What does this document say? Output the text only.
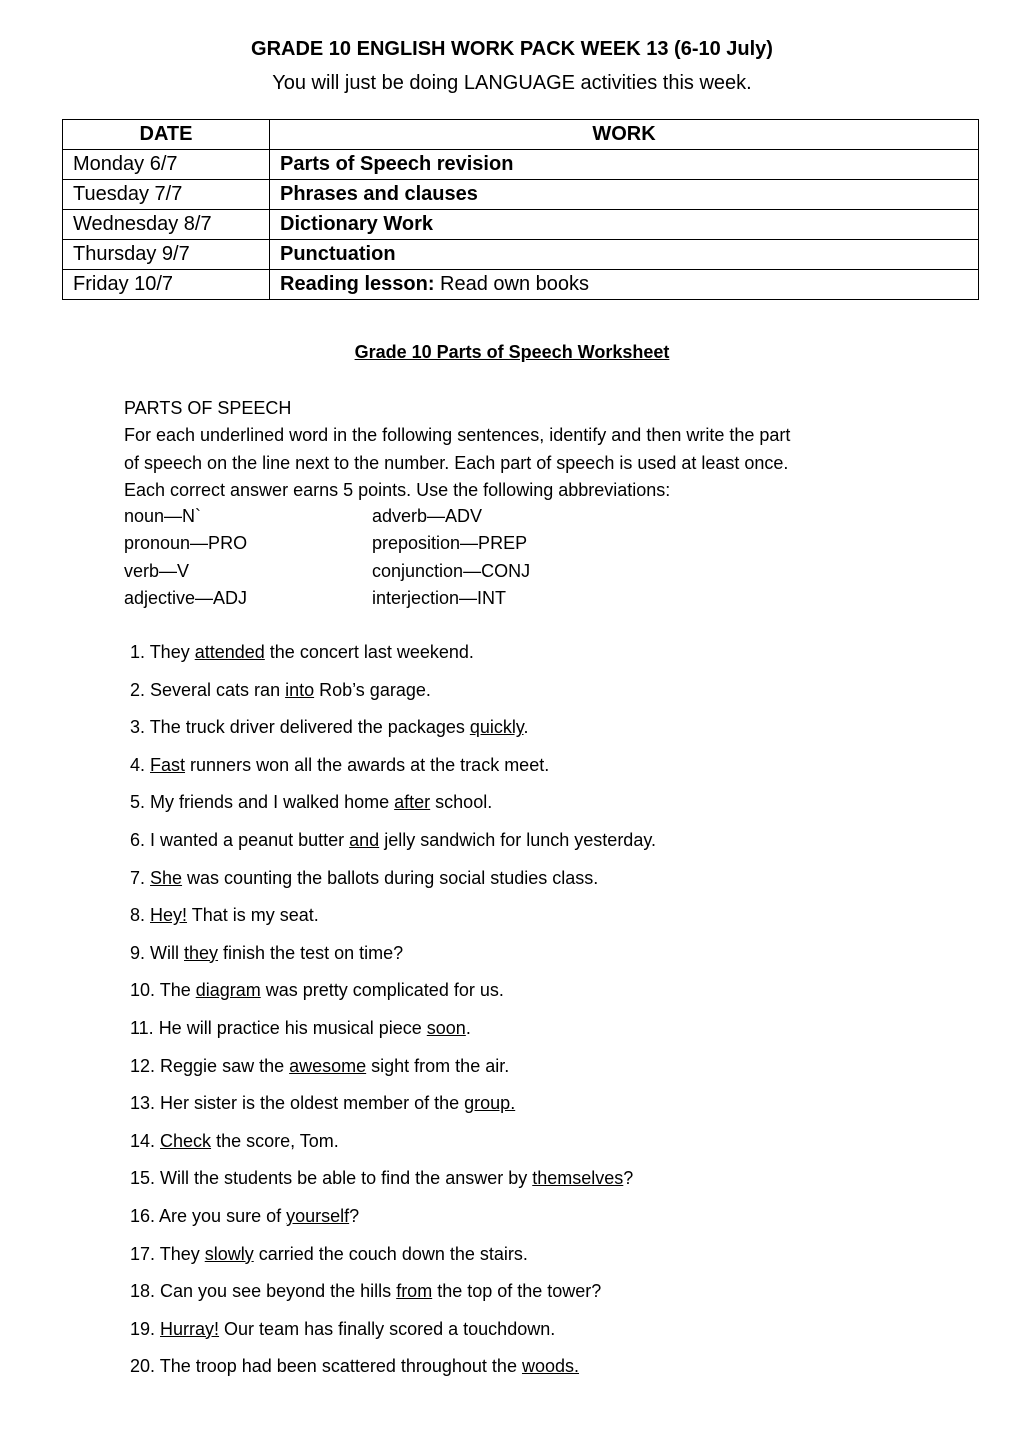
GRADE 10 ENGLISH WORK PACK WEEK 13 (6-10 July)
You will just be doing LANGUAGE activities this week.
DATE	WORK
Monday 6/7	Parts of Speech revision
Tuesday 7/7	Phrases and clauses
Wednesday 8/7	Dictionary Work
Thursday 9/7	Punctuation
Friday 10/7	Reading lesson: Read own books
Grade 10 Parts of Speech Worksheet

PARTS OF SPEECH

For each underlined word in the following sentences, identify and then write the part

of speech on the line next to the number. Each part of speech is used at least once.

Each correct answer earns 5 points. Use the following abbreviations:

noun—N`	adverb—ADV
pronoun—PRO	preposition—PREP
verb—V	conjunction—CONJ
adjective—ADJ	interjection—INT
1. They attended the concert last weekend.
2. Several cats ran into Rob’s garage.
3. The truck driver delivered the packages quickly.
4. Fast runners won all the awards at the track meet.
5. My friends and I walked home after school.
6. I wanted a peanut butter and jelly sandwich for lunch yesterday.
7. She was counting the ballots during social studies class.
8. Hey! That is my seat.
9. Will they finish the test on time?
10. The diagram was pretty complicated for us.
11. He will practice his musical piece soon.
12. Reggie saw the awesome sight from the air.
13. Her sister is the oldest member of the group.
14. Check the score, Tom.
15. Will the students be able to find the answer by themselves?
16. Are you sure of yourself?
17. They slowly carried the couch down the stairs.
18. Can you see beyond the hills from the top of the tower?
19. Hurray! Our team has finally scored a touchdown.
20. The troop had been scattered throughout the woods.
